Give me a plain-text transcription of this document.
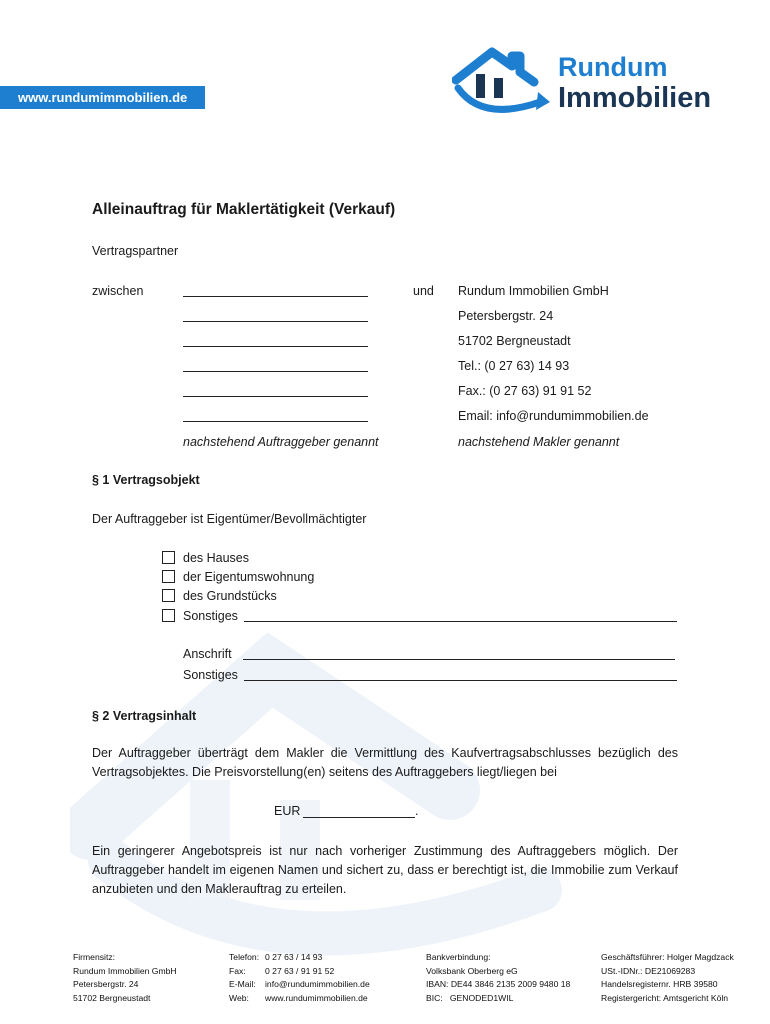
www.rundumimmobilien.de
Rundum
Immobilien
Alleinauftrag für Maklertätigkeit (Verkauf)
Vertragspartner
zwischen	und
nachstehend Auftraggeber genannt
Rundum Immobilien GmbH
Petersbergstr. 24
51702 Bergneustadt
Tel.: (0 27 63) 14 93
Fax.: (0 27 63) 91 91 52
Email: info@rundumimmobilien.de
nachstehend Makler genannt
§ 1 Vertragsobjekt
Der Auftraggeber ist Eigentümer/Bevollmächtigter
des Hauses
der Eigentumswohnung
des Grundstücks
Sonstiges
Anschrift
Sonstiges
§ 2 Vertragsinhalt
Der Auftraggeber überträgt dem Makler die Vermittlung des Kaufvertragsabschlusses bezüglich des Vertragsobjektes. Die Preisvorstellung(en) seitens des Auftraggebers liegt/liegen bei
EUR	.
Ein geringerer Angebotspreis ist nur nach vorheriger Zustimmung des Auftraggebers möglich. Der Auftraggeber handelt im eigenen Namen und sichert zu, dass er berechtigt ist, die Immobilie zum Verkauf anzubieten und den Maklerauftrag zu erteilen.
Firmensitz:
Rundum Immobilien GmbH
Petersbergstr. 24
51702 Bergneustadt
Telefon:
Fax:
E-Mail:
Web:
0 27 63 / 14 93
0 27 63 / 91 91 52
info@rundumimmobilien.de
www.rundumimmobilien.de
Bankverbindung:
Volksbank Oberberg eG
IBAN: DE44 3846 2135 2009 9480 18
BIC:   GENODED1WIL
Geschäftsführer: Holger Magdzack
USt.-IDNr.: DE21069283
Handelsregisternr. HRB 39580
Registergericht: Amtsgericht Köln
